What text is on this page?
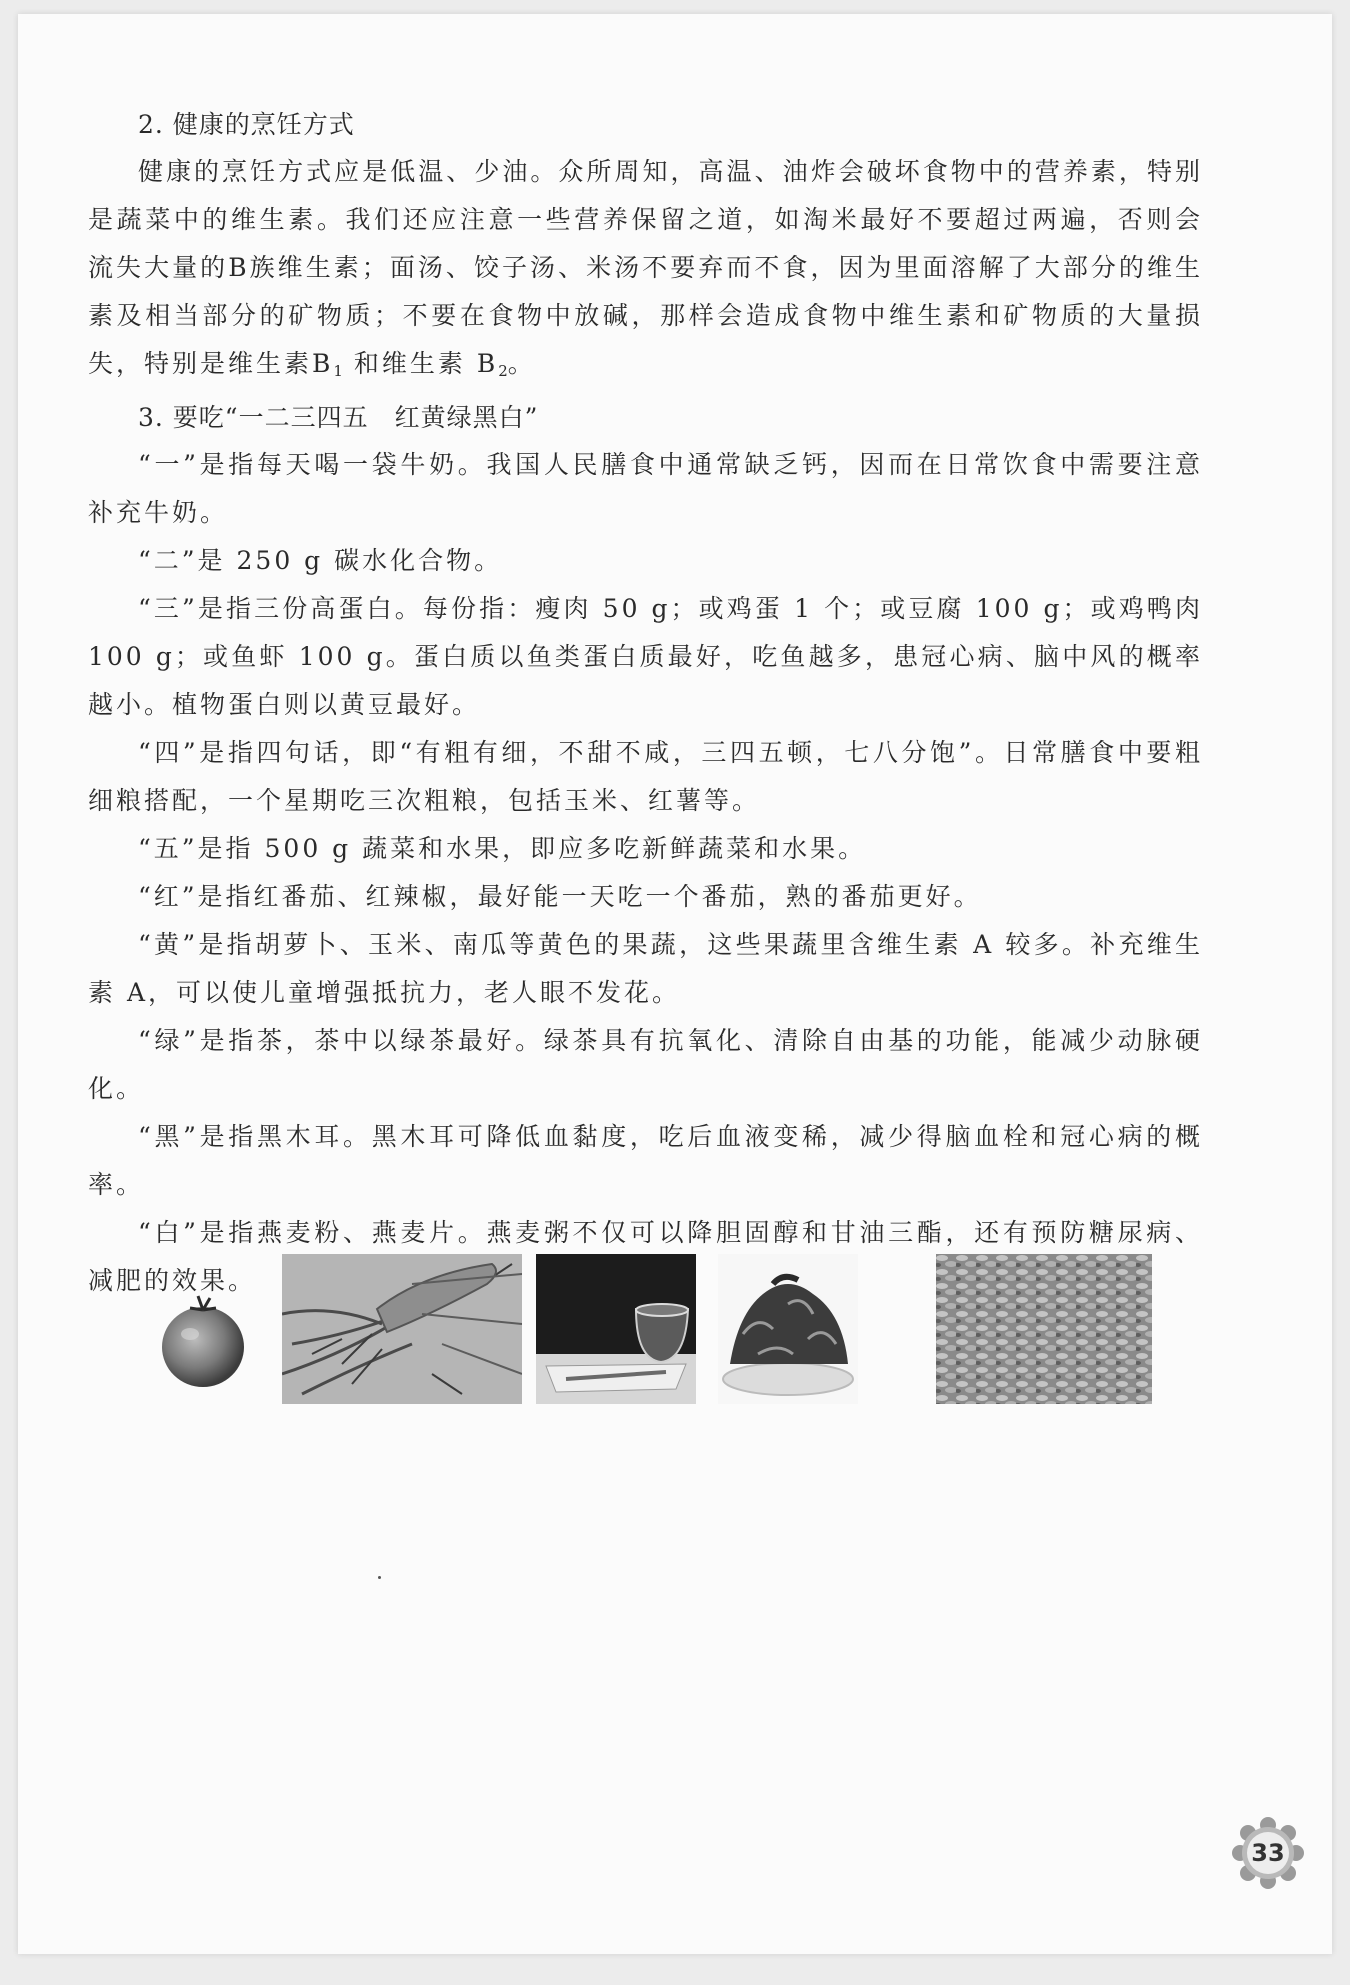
2. 健康的烹饪方式

健康的烹饪方式应是低温、少油。众所周知，高温、油炸会破坏食物中的营养素，特别是蔬菜中的维生素。我们还应注意一些营养保留之道，如淘米最好不要超过两遍，否则会流失大量的B族维生素；面汤、饺子汤、米汤不要弃而不食，因为里面溶解了大部分的维生素及相当部分的矿物质；不要在食物中放碱，那样会造成食物中维生素和矿物质的大量损失，特别是维生素$B_1$ 和维生素 $B_2$。

3. 要吃“一二三四五　红黄绿黑白”

“一”是指每天喝一袋牛奶。我国人民膳食中通常缺乏钙，因而在日常饮食中需要注意补充牛奶。

“二”是 250 g 碳水化合物。

“三”是指三份高蛋白。每份指：瘦肉 50 g；或鸡蛋 1 个；或豆腐 100 g；或鸡鸭肉 100 g；或鱼虾 100 g。蛋白质以鱼类蛋白质最好，吃鱼越多，患冠心病、脑中风的概率越小。植物蛋白则以黄豆最好。

“四”是指四句话，即“有粗有细，不甜不咸，三四五顿，七八分饱”。日常膳食中要粗细粮搭配，一个星期吃三次粗粮，包括玉米、红薯等。

“五”是指 500 g 蔬菜和水果，即应多吃新鲜蔬菜和水果。

“红”是指红番茄、红辣椒，最好能一天吃一个番茄，熟的番茄更好。

“黄”是指胡萝卜、玉米、南瓜等黄色的果蔬，这些果蔬里含维生素 A 较多。补充维生素 A，可以使儿童增强抵抗力，老人眼不发花。

“绿”是指茶，茶中以绿茶最好。绿茶具有抗氧化、清除自由基的功能，能减少动脉硬化。

“黑”是指黑木耳。黑木耳可降低血黏度，吃后血液变稀，减少得脑血栓和冠心病的概率。

“白”是指燕麦粉、燕麦片。燕麦粥不仅可以降胆固醇和甘油三酯，还有预防糖尿病、减肥的效果。

33
